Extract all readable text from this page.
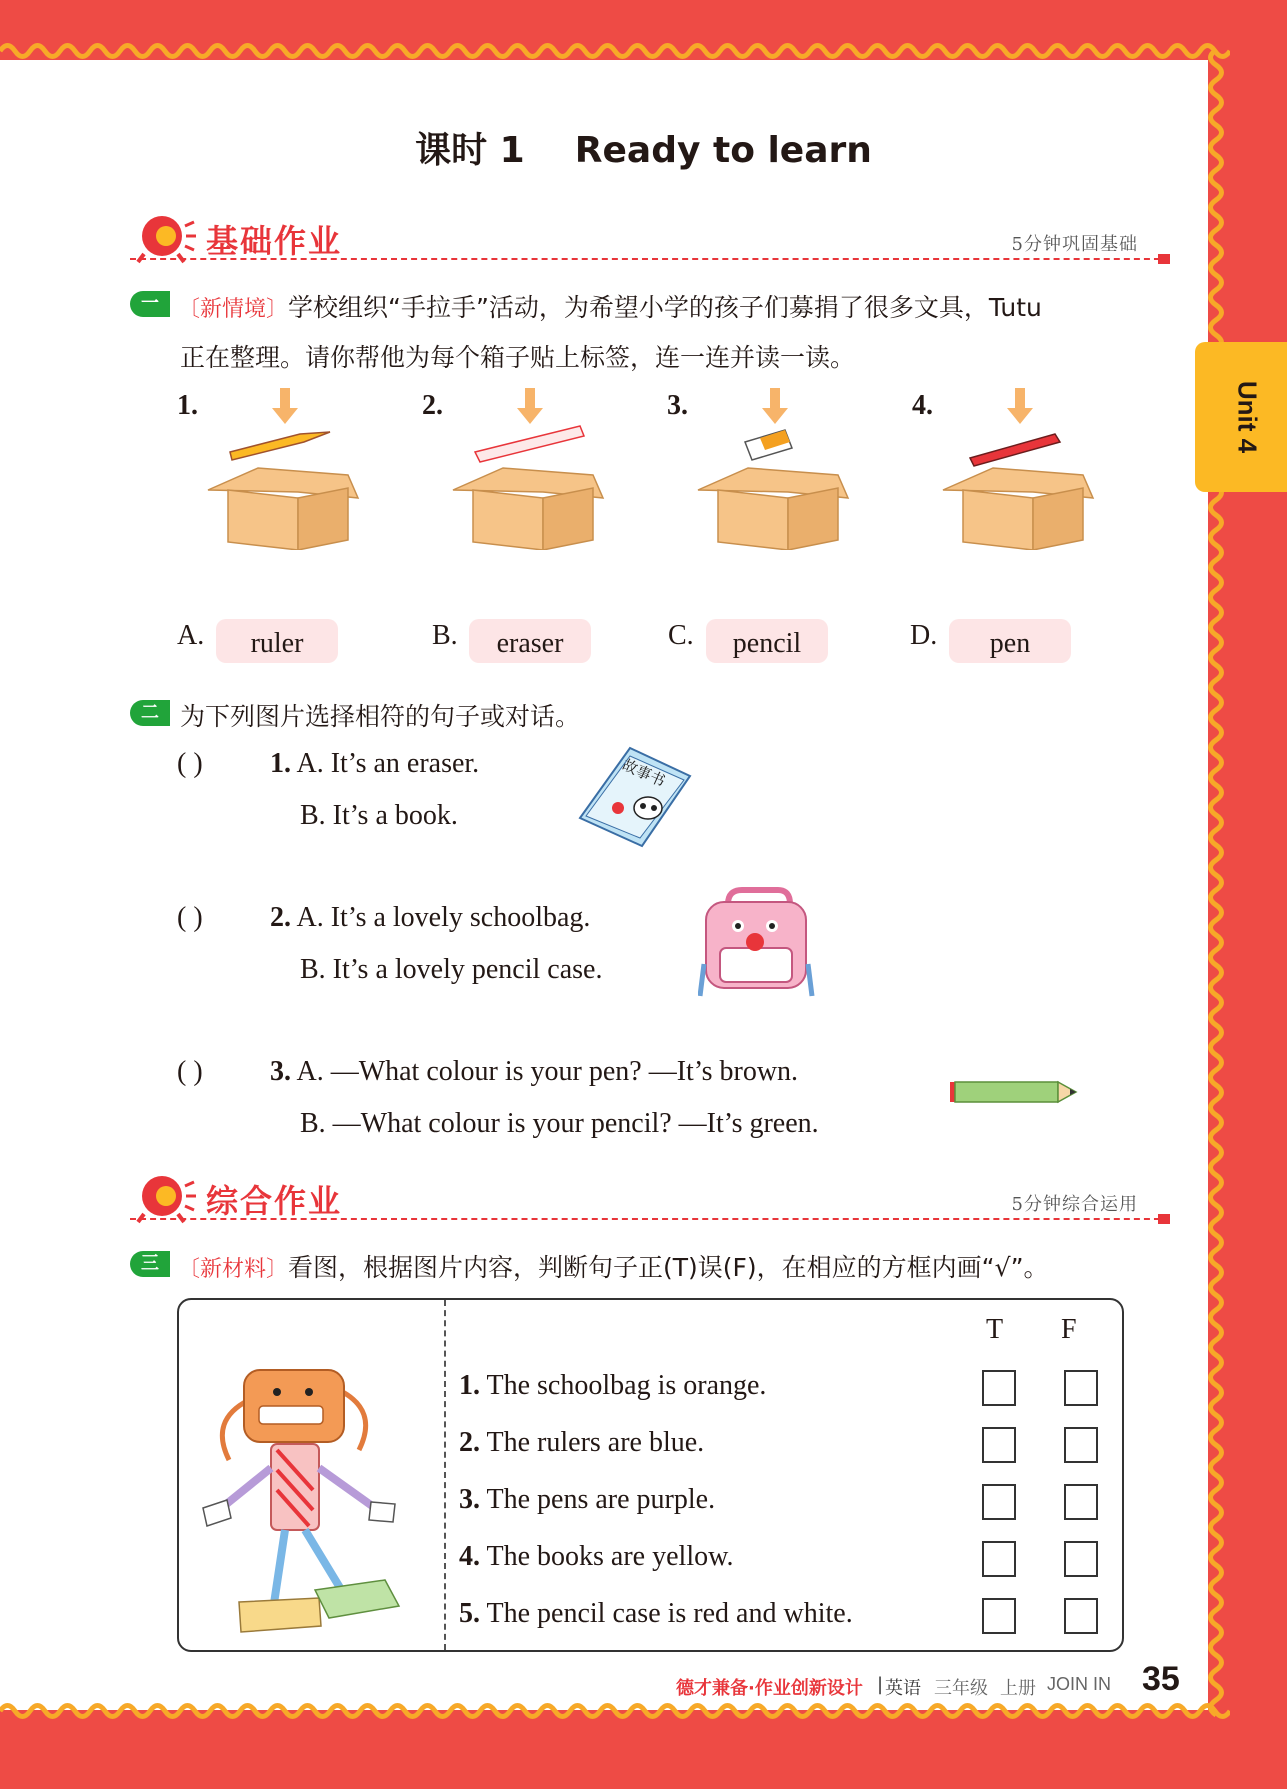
Unit 4
课时 1    Ready to learn
基础作业	5分钟巩固基础
一 〔新情境〕学校组织“手拉手”活动，为希望小学的孩子们募捐了很多文具，Tutu
正在整理。请你帮他为每个箱子贴上标签，连一连并读一读。
1.	2.	3.	4.
A.	ruler	B.	eraser	C.	pencil	D.	pen
二 为下列图片选择相符的句子或对话。
( ) 1. A. It’s an eraser.
B. It’s a book.
故事书
( ) 2. A. It’s a lovely schoolbag.
B. It’s a lovely pencil case.
( ) 3. A. —What colour is your pen? —It’s brown.
B. —What colour is your pencil? —It’s green.
综合作业	5分钟综合运用
三 〔新材料〕看图，根据图片内容，判断句子正(T)误(F)，在相应的方框内画“√”。
T F
1. The schoolbag is orange.
2. The rulers are blue.
3. The pens are purple.
4. The books are yellow.
5. The pencil case is red and white.
德才兼备·作业创新设计 | 英语 三年级 上册 JOIN IN 35
